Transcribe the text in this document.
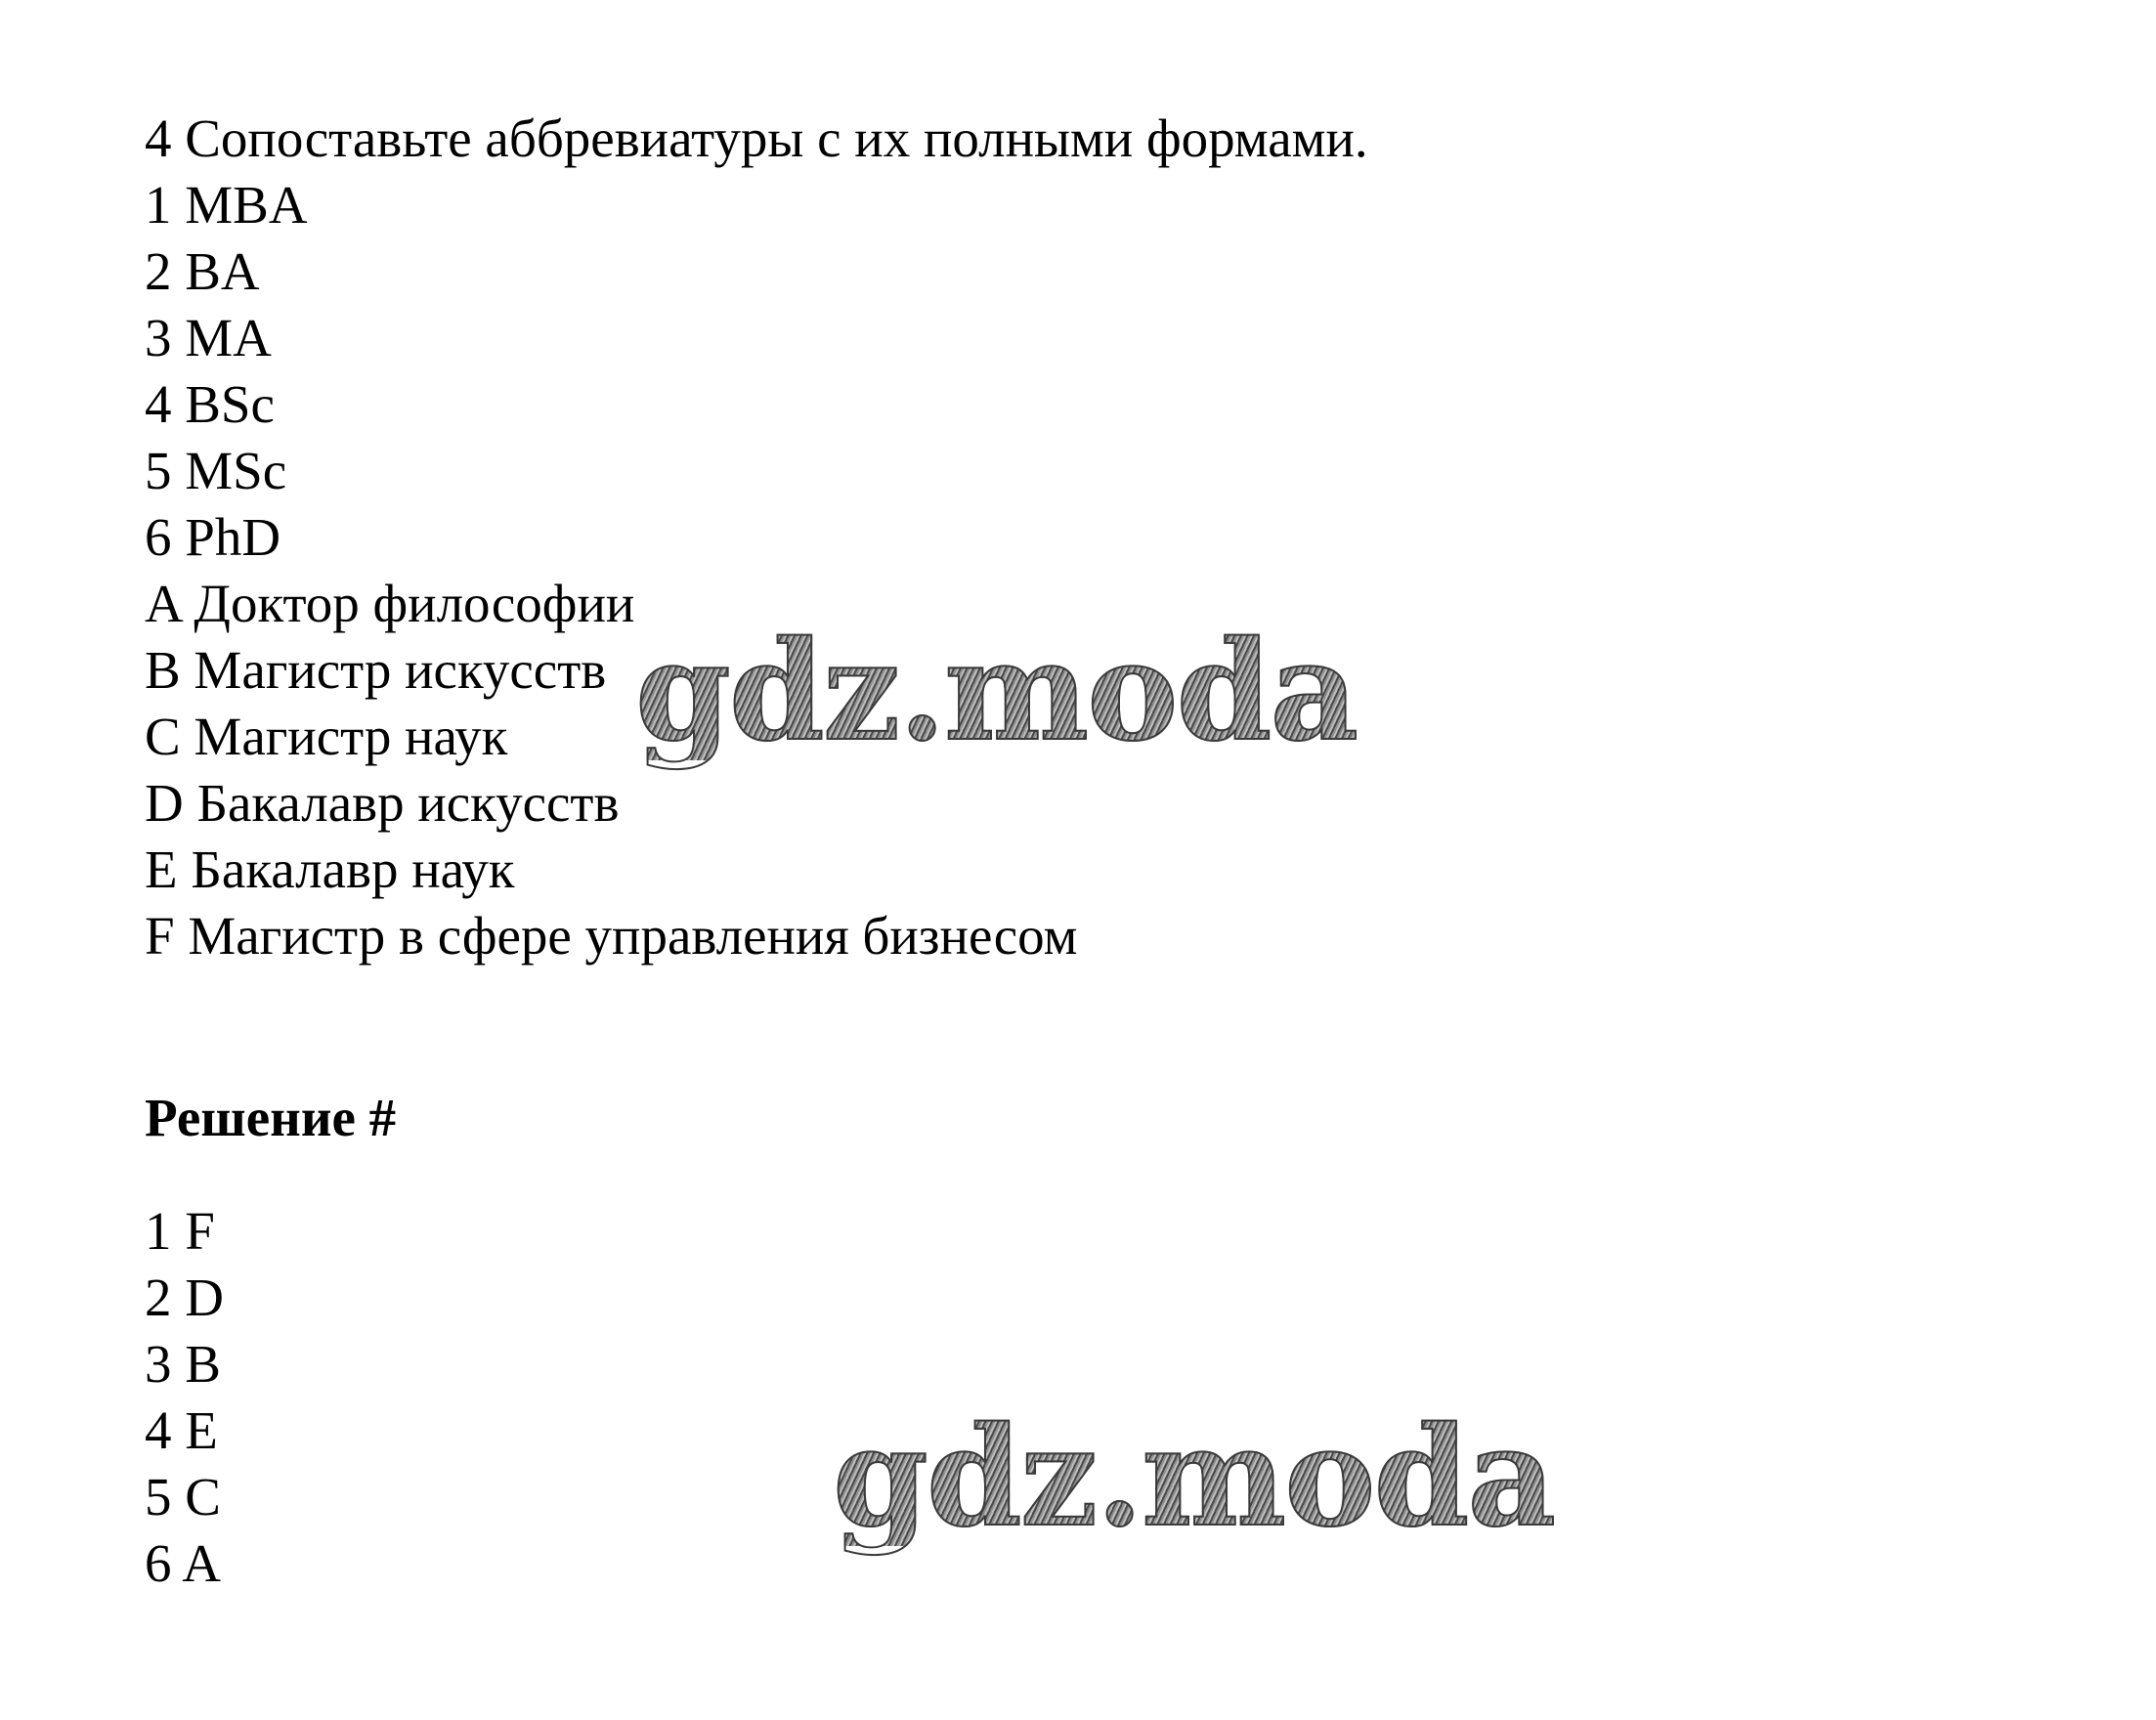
4 Сопоставьте аббревиатуры с их полными формами.
1 MBA
2 BA
3 MA
4 BSc
5 MSc
6 PhD
A Доктор философии
B Магистр искусств
C Магистр наук
D Бакалавр искусств
E Бакалавр наук
F Магистр в сфере управления бизнесом
Решение #
1 F
2 D
3 B
4 E
5 C
6 A
gdz.moda
gdz.moda
